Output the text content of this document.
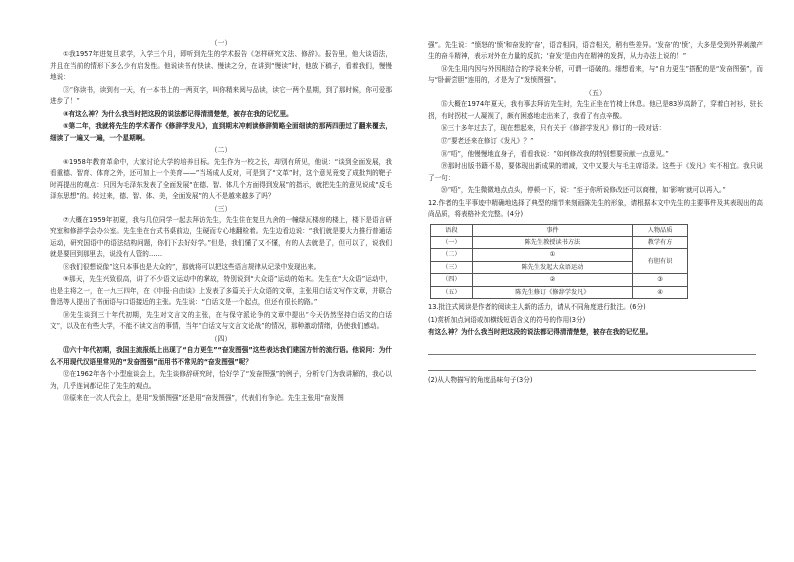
（一）

①我1957年进复旦求学，入学三个月，即听到先生的学术报告《怎样研究文法、修辞》。报告里，他大谈语法，并且在当前的情形下多么少有启发性。他说读书有快读、慢读之分，在讲到“慢读”时，他放下稿子，看着我们，慢慢地说：

③“你读书，读到有一天，有一本书上的一两页字，叫你精来阅与品读，读它一两个星期，到了那时候，你可爱那进步了！”

④有这么神？为什么我当时把这段的说法都记得清清楚楚，被存在我的记忆里。

⑤第二年，我就将先生的学术著作《修辞学发凡》，直到期末冲刺读修辞简略全面细读的那两四册过了翻来覆去，细读了一遍又一遍，一个星期啊。

（二）

⑥1958年教育革命中，大家讨论大学的培养目标。先生作为一校之长，却别有所见，他说：“谈到全面发展，我看重德、智育、体育之外，还可加上一个美育——”当场成人反对，可是到了“文革”时，这个意见竟变了成批判的靶子时再提出的观点：只因为毛泽东发表了全面发展“在德、智、体几个方面得到发展”的指示，就把先生的意见说成“反毛泽东思想”的。转过来，德、智、体、美，全面发展”的人不是越来越多了吗？

（三）

⑦大概在1959年初夏，我与几位同学一起去拜访先生，先生住在复旦九舍的一幢绿瓦楼房的楼上，楼下是语言研究室和修辞学会办公室。先生坐在台式书桌前边，生硬而专心地翻检着。先生边看边说：“我们就是要大力推行普通话运动，研究国语中的语法结构问题，你们下去好好学。”但是，我们懂了又不懂，有的人去就是了，但可以了，说我们就是要回到那里去，说没有人管的……

⑧我们很想说像“这只本事也是大众的”，那就将可以把这些语言规律从记录中发现出来。

⑨那天，先生兴致很高，讲了不少语文运动中的掌故，特别说到“大众语”运动的始末。先生在“大众语”运动中，也是主将之一，在一九三四年，在《申报·自由谈》上发表了多篇关于大众语的文章，主张用白话文写作文章，并联合鲁迅等人提出了书面语与口语接近的主张。先生说：“白话文是一个起点，但还有很长的路。”

⑩先生谈到三十年代初期，先生对文言文的主张，在与保守派论争的文章中提出“今天仍然坚持白话文的白话文”，以及在有些大学，不能不读文言的事情，当年“白话文与文言文论战”的情况，那种激动情绪，仍使我们感动。

（四）

⑪六十年代初期，我国主流报纸上出现了“自力更生”“奋发图强”这些表达我们建国方针的流行语。他说问：为什么不用现代汉语里常见的“发奋图强”而用书不常见的“奋发图强”呢？

⑫在1962年各个小型座谈会上，先生谈修辞研究时，恰好学了“发奋图强”的例子，分析专门为我讲解的，我心以为，几乎连词都记住了先生的观点。

⑬原来在一次人代会上，是用“发愤图强”还是用“奋发图强”，代表们有争论。先生主张用“奋发图

强”。先生说：“愤怒的‘愤’和奋发的‘奋’，语音相同，语音相关，稍有些差异。‘发奋’的‘愤’，大多是受到外界刺激产生的奋斗精神，表示对外在力量的反抗；‘奋发’是由内在精神的发挥，从力办法上说的！”

⑭先生用内因与外因相结合的学说来分析，可谓一语破的。细想看来，与“自力更生”搭配的是“发奋图强”，而与“卧薪尝胆”连用的，才是为了“发愤图强”。

（五）

⑮大概在1974年夏天，我有事去拜访先生时，先生正坐在竹椅上休息。他已是83岁高龄了，穿着白衬衫，驻长拐，有时拐杖一人凝视了，颇有困惑地走出来了，我看了有点辛酸。

⑯三十多年过去了，现在想起来，只有关于《修辞学发凡》修订的一段对话：

⑰“要老还来在修订《发凡》？”

⑱“唔”，他慢慢地直身子，看看我说：“如何修改我的特别想要贡献一点意见。”

⑲那时出版书籍不易，要体现出新成果的增减，文中又要大与毛主席语录。这些于《发凡》实不相宜。我只说了一句：

⑳“唔”，先生微微地点点头，停顿一下，说：“至于你所说修改还可以商榷，如‘影响’就可以再入。”

12.作者的生平事迹中精确地选择了典型的细节来刻画陈先生的形象，请根据本文中先生的主要事件及其表现出的高尚品质，将表格补充完整。(4分)

语段	事件	人物品质
（一）	陈先生教授读书方法	教学有方
（二）	①	有胆有识
（三）	陈先生发起大众语运动	
（四）	②	③
（五）	陈先生修订《修辞学发凡》	④

13.批注式阅读是作者的阅读主人新的活力，请从不同角度进行批注。(6分)

(1)赏析加点词语或加横线短语含义的符号的作用(3分)

有这么神？为什么我当时把这段的说法都记得清清楚楚，被存在我的记忆里。

(2)从人物描写的角度品味句子(3分)
